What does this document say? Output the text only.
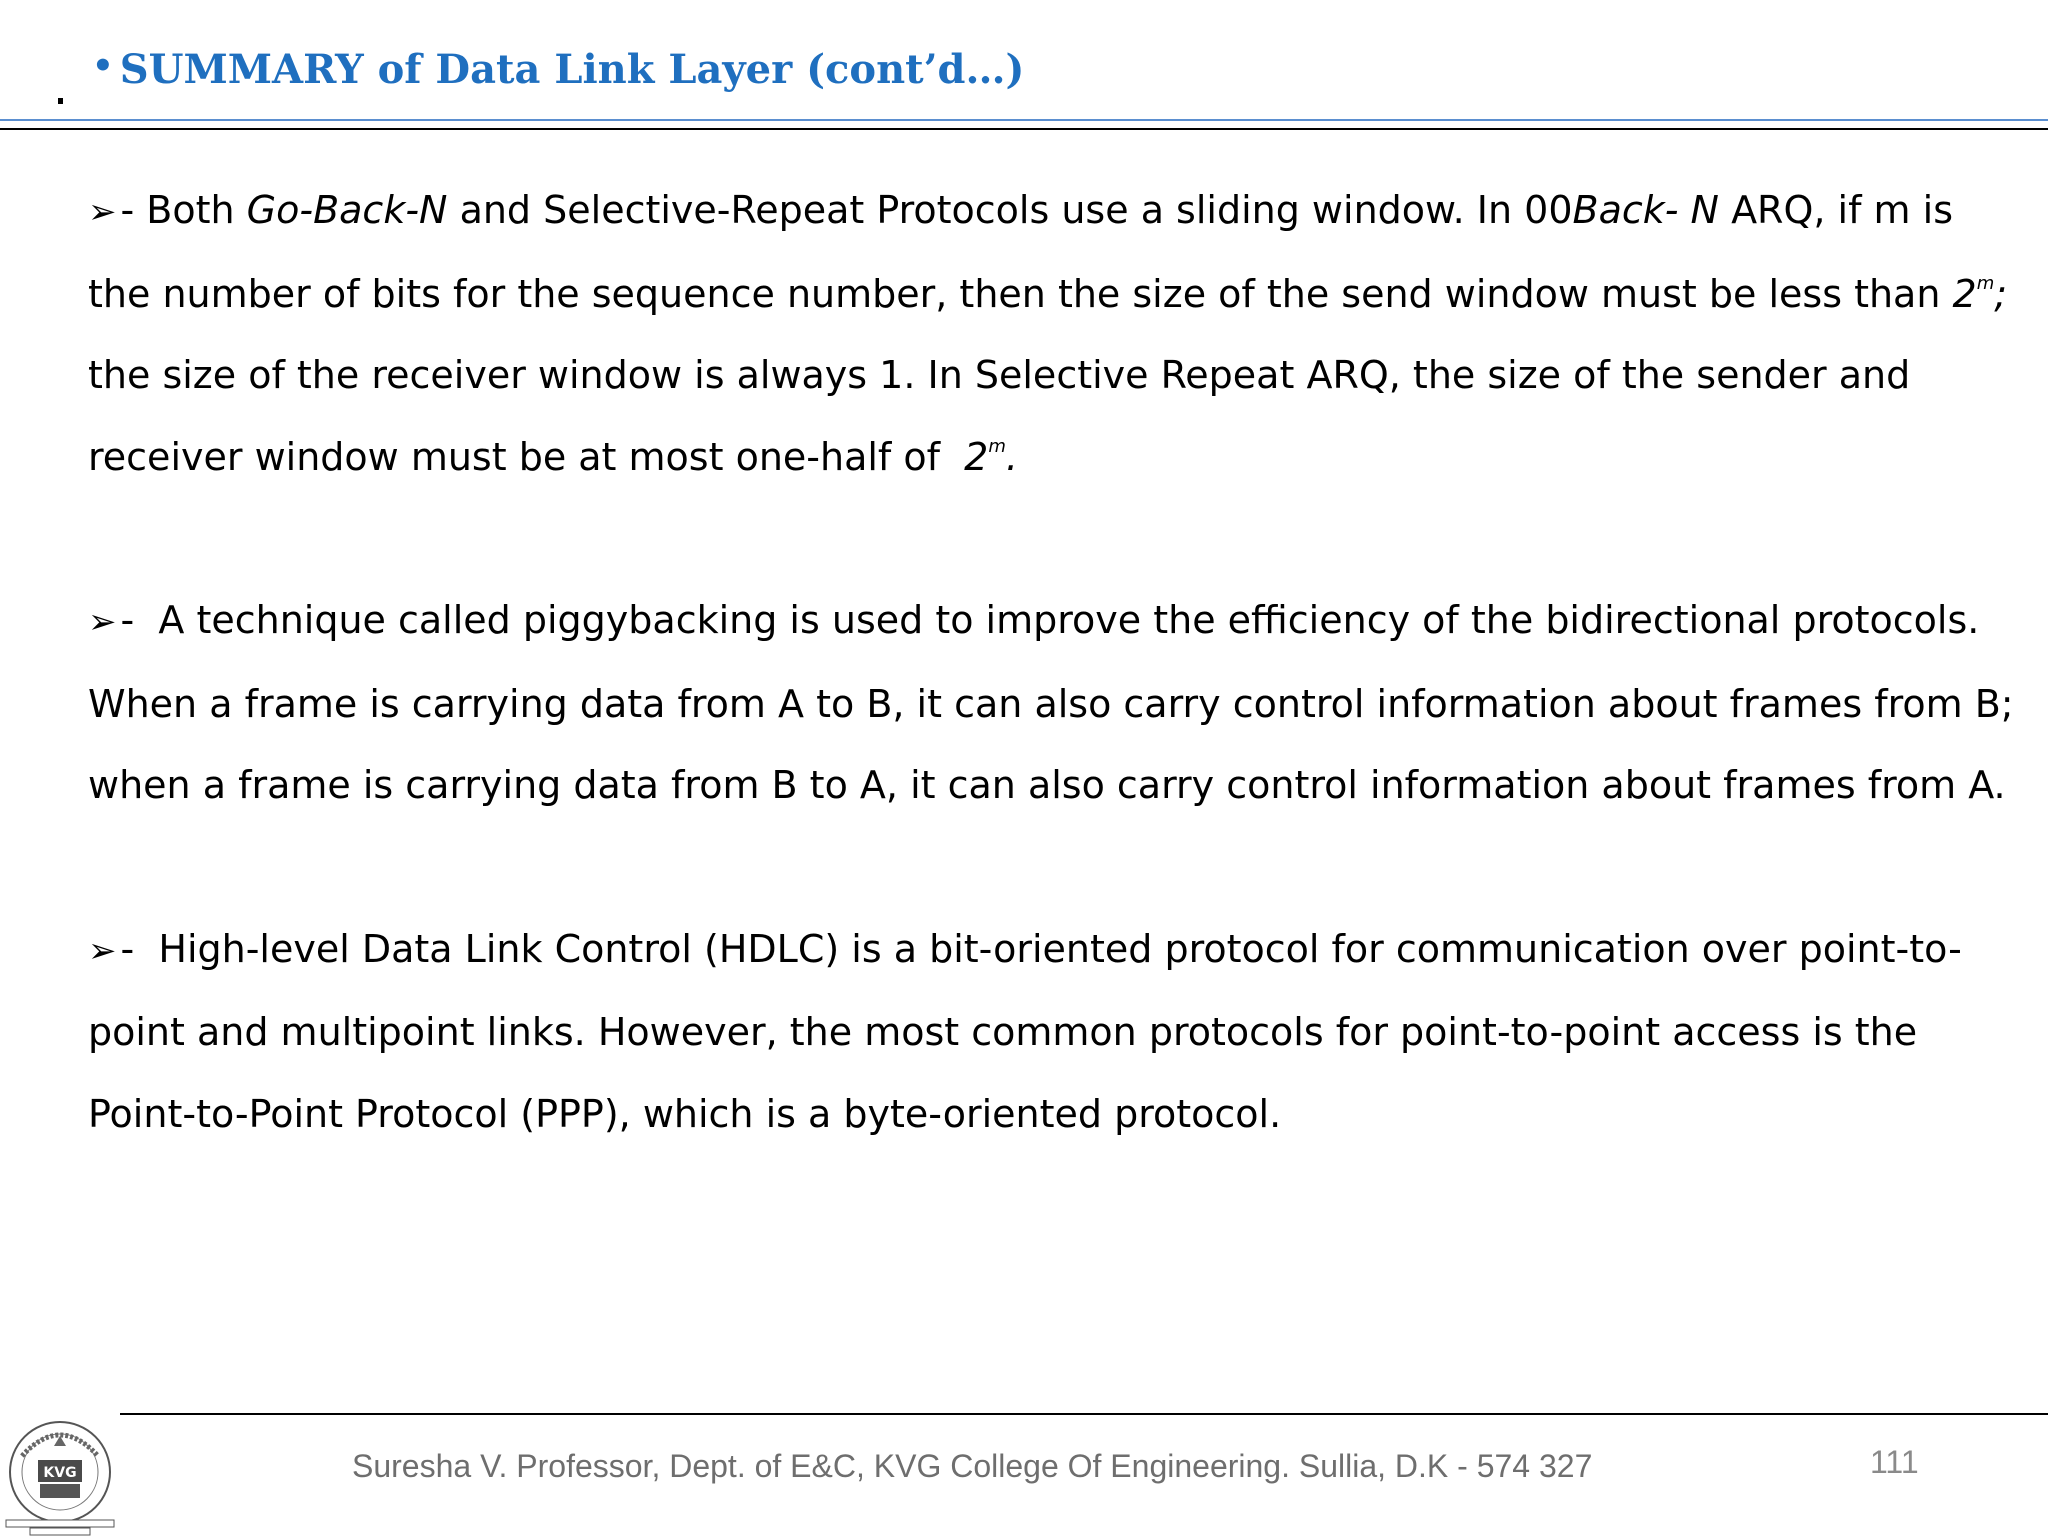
• SUMMARY of Data Link Layer (cont’d…)

➢ - Both Go-Back-N and Selective-Repeat Protocols use a sliding window. In 00Back- N ARQ, if m is the number of bits for the sequence number, then the size of the send window must be less than 2$^m$; the size of the receiver window is always 1. In Selective Repeat ARQ, the size of the sender and receiver window must be at most one-half of  2$^m$.

➢ -  A technique called piggybacking is used to improve the efficiency of the bidirectional protocols. When a frame is carrying data from A to B, it can also carry control information about frames from B; when a frame is carrying data from B to A, it can also carry control information about frames from A.

➢ -  High-level Data Link Control (HDLC) is a bit-oriented protocol for communication over point-to-point and multipoint links. However, the most common protocols for point-to-point access is the Point-to-Point Protocol (PPP), which is a byte-oriented protocol.

KVG	Suresha V. Professor, Dept. of E&C, KVG College Of Engineering. Sullia, D.K - 574 327	111
